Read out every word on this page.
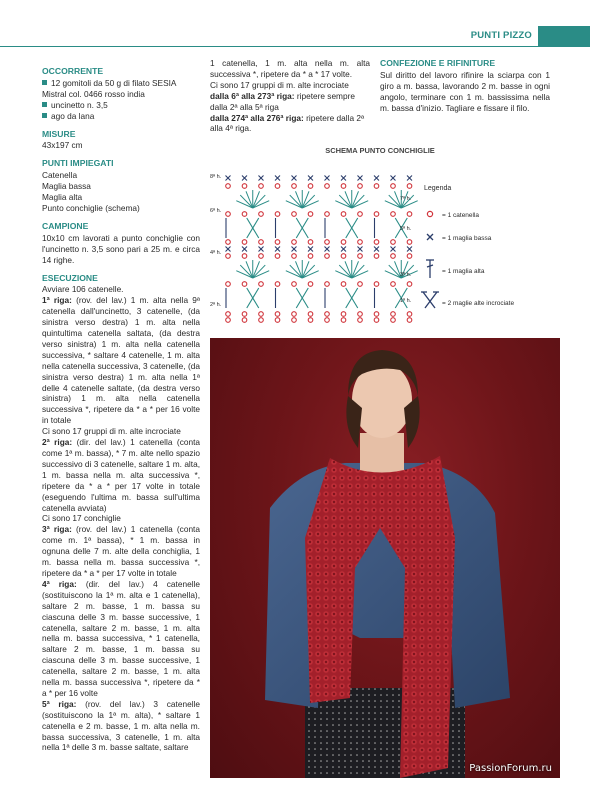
PUNTI PIZZO
OCCORRENTE
12 gomitoli da 50 g di filato SESIA Mistral col. 0466 rosso india
uncinetto n. 3,5
ago da lana
MISURE
43x197 cm
PUNTI IMPIEGATI
Catenella
Maglia bassa
Maglia alta
Punto conchiglie (schema)
CAMPIONE
10x10 cm lavorati a punto conchiglie con l'uncinetto n. 3,5 sono pari a 25 m. e circa 14 righe.
ESECUZIONE
Avviare 106 catenelle.
1ª riga: (rov. del lav.) 1 m. alta nella 9ª catenella dall'uncinetto, 3 catenelle, (da sinistra verso destra) 1 m. alta nella quintultima catenella saltata, (da destra verso sinistra) 1 m. alta nella catenella successiva, * saltare 4 catenelle, 1 m. alta nella catenella successiva, 3 catenelle, (da sinistra verso destra) 1 m. alta nella 1ª delle 4 catenelle saltate, (da destra verso sinistra) 1 m. alta nella catenella successiva *, ripetere da * a * per 16 volte in totale
Ci sono 17 gruppi di m. alte incrociate
2ª riga: (dir. del lav.) 1 catenella (conta come 1ª m. bassa), * 7 m. alte nello spazio successivo di 3 catenelle, saltare 1 m. alta, 1 m. bassa nella m. alta successiva *, ripetere da * a * per 17 volte in totale (eseguendo l'ultima m. bassa sull'ultima catenella avviata)
Ci sono 17 conchiglie
3ª riga: (rov. del lav.) 1 catenella (conta come m. 1ª bassa), * 1 m. bassa in ognuna delle 7 m. alte della conchiglia, 1 m. bassa nella m. bassa successiva *, ripetere da * a * per 17 volte in totale
4ª riga: (dir. del lav.) 4 catenelle (sostituiscono la 1ª m. alta e 1 catenella), saltare 2 m. basse, 1 m. bassa su ciascuna delle 3 m. basse successive, 1 catenella, saltare 2 m. basse, 1 m. alta nella m. bassa successiva, * 1 catenella, saltare 2 m. basse, 1 m. bassa su ciascuna delle 3 m. basse successive, 1 catenella, saltare 2 m. basse, 1 m. alta nella m. bassa successiva *, ripetere da * a * per 16 volte
5ª riga: (rov. del lav.) 3 catenelle (sostituiscono la 1ª m. alta), * saltare 1 catenella e 2 m. basse, 1 m. alta nella m. bassa successiva, 3 catenelle, 1 m. alta nella 1ª delle 3 m. basse saltate, saltare
1 catenella, 1 m. alta nella m. alta successiva *, ripetere da * a * 17 volte.
Ci sono 17 gruppi di m. alte incrociate
dalla 6ª alla 273ª riga: ripetere sempre dalla 2ª alla 5ª riga
dalla 274ª alla 276ª riga: ripetere dalla 2ª alla 4ª riga.
CONFEZIONE E RIFINITURE
Sul diritto del lavoro rifinire la sciarpa con 1 giro a m. bassa, lavorando 2 m. basse in ogni angolo, terminare con 1 m. bassissima nella m. bassa d'inizio. Tagliare e fissare il filo.
SCHEMA PUNTO CONCHIGLIE
8ª h.
6ª h.
4ª h.
2ª h.
7ª h.
5ª h.
3ª h.
1ª h.
Legenda
= 1 catenella
= 1 maglia bassa
= 1 maglia alta
= 2 maglie alte incrociate
PassionForum.ru
